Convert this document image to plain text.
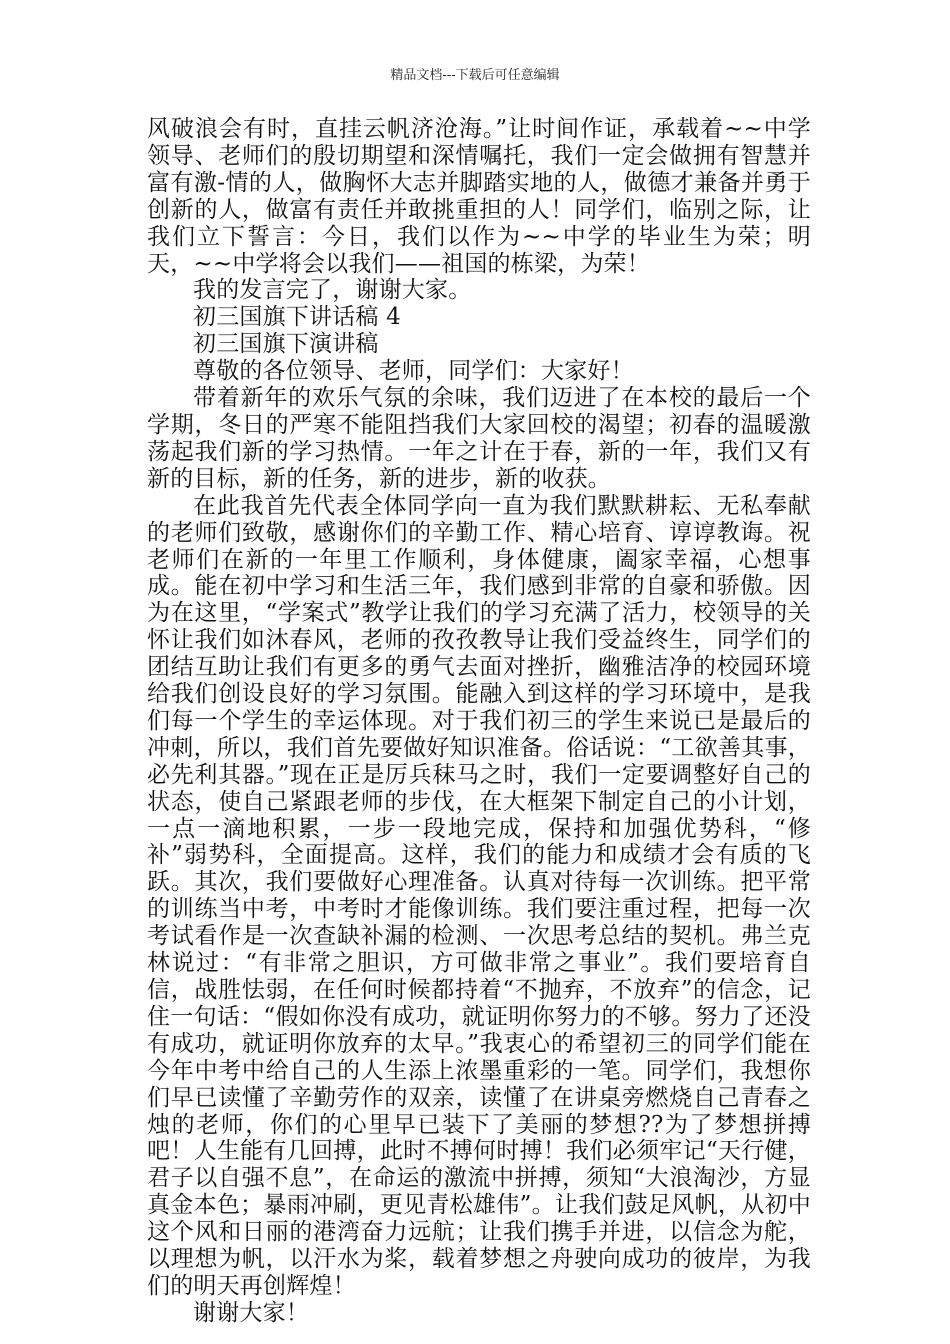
精品文档---下载后可任意编辑

风破浪会有时，直挂云帆济沧海。”让时间作证，承载着~~中学领导、老师们的殷切期望和深情嘱托，我们一定会做拥有智慧并富有激-情的人，做胸怀大志并脚踏实地的人，做德才兼备并勇于创新的人，做富有责任并敢挑重担的人！同学们，临别之际，让我们立下誓言：今日，我们以作为~~中学的毕业生为荣；明天，~~中学将会以我们——祖国的栋梁，为荣！

我的发言完了，谢谢大家。

初三国旗下讲话稿 4

初三国旗下演讲稿

尊敬的各位领导、老师，同学们：大家好！

带着新年的欢乐气氛的余味，我们迈进了在本校的最后一个学期，冬日的严寒不能阻挡我们大家回校的渴望；初春的温暖激荡起我们新的学习热情。一年之计在于春，新的一年，我们又有新的目标，新的任务，新的进步，新的收获。

在此我首先代表全体同学向一直为我们默默耕耘、无私奉献的老师们致敬，感谢你们的辛勤工作、精心培育、谆谆教诲。祝老师们在新的一年里工作顺利，身体健康，阖家幸福，心想事成。能在初中学习和生活三年，我们感到非常的自豪和骄傲。因为在这里，“学案式”教学让我们的学习充满了活力，校领导的关怀让我们如沐春风，老师的孜孜教导让我们受益终生，同学们的团结互助让我们有更多的勇气去面对挫折，幽雅洁净的校园环境给我们创设良好的学习氛围。能融入到这样的学习环境中，是我们每一个学生的幸运体现。对于我们初三的学生来说已是最后的冲刺，所以，我们首先要做好知识准备。俗话说：“工欲善其事，必先利其器。”现在正是厉兵秣马之时，我们一定要调整好自己的状态，使自己紧跟老师的步伐，在大框架下制定自己的小计划，一点一滴地积累，一步一段地完成，保持和加强优势科，“修补”弱势科，全面提高。这样，我们的能力和成绩才会有质的飞跃。其次，我们要做好心理准备。认真对待每一次训练。把平常的训练当中考，中考时才能像训练。我们要注重过程，把每一次考试看作是一次查缺补漏的检测、一次思考总结的契机。弗兰克林说过：“有非常之胆识，方可做非常之事业”。我们要培育自信，战胜怯弱，在任何时候都持着“不抛弃，不放弃”的信念，记住一句话：“假如你没有成功，就证明你努力的不够。努力了还没有成功，就证明你放弃的太早。”我衷心的希望初三的同学们能在今年中考中给自己的人生添上浓墨重彩的一笔。同学们，我想你们早已读懂了辛勤劳作的双亲，读懂了在讲桌旁燃烧自己青春之烛的老师，你们的心里早已装下了美丽的梦想??为了梦想拼搏吧！人生能有几回搏，此时不搏何时搏！我们必须牢记“天行健，君子以自强不息”，在命运的激流中拼搏，须知“大浪淘沙，方显真金本色；暴雨冲刷，更见青松雄伟”。让我们鼓足风帆，从初中这个风和日丽的港湾奋力远航；让我们携手并进，以信念为舵，以理想为帆，以汗水为桨，载着梦想之舟驶向成功的彼岸，为我们的明天再创辉煌！

谢谢大家！
